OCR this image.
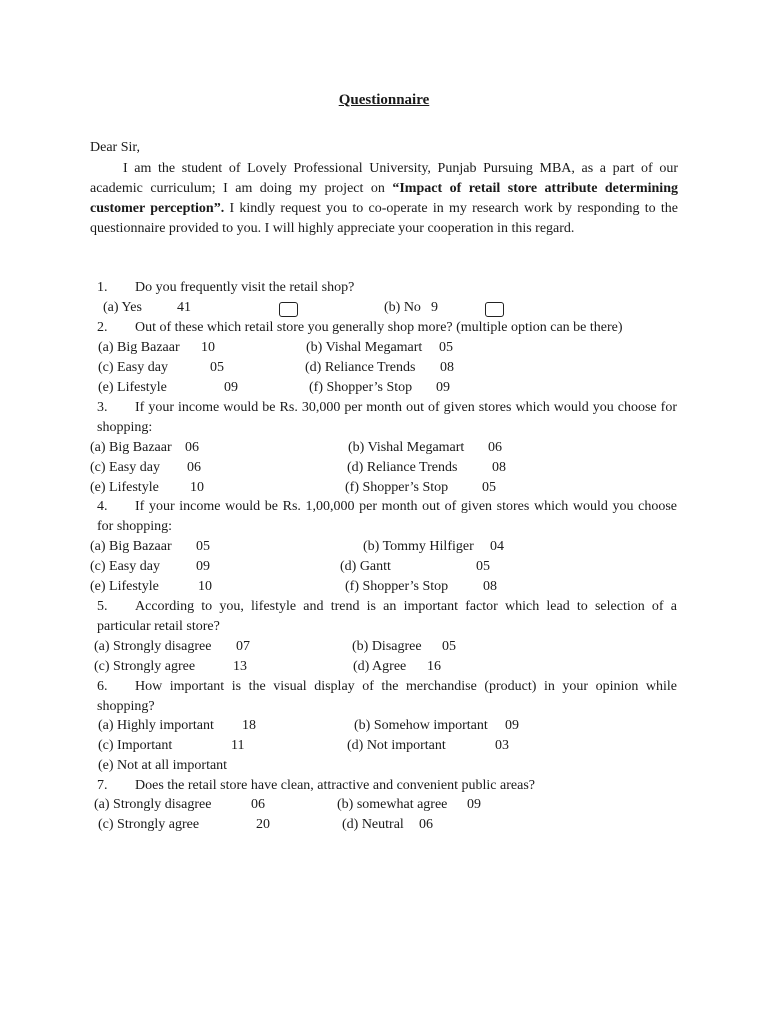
Questionnaire
Dear Sir,

I am the student of Lovely Professional University, Punjab Pursuing MBA, as a part of our academic curriculum; I am doing my project on “Impact of retail store attribute determining customer perception”. I kindly request you to co-operate in my research work by responding to the questionnaire provided to you. I will highly appreciate your cooperation in this regard.

1. Do you frequently visit the retail shop?
(a) Yes	41	(b) No 9
2. Out of these which retail store you generally shop more? (multiple option can be there)
(a) Big Bazaar 10	(b) Vishal Megamart 05
(c) Easy day	05	(d) Reliance Trends 08
(e) Lifestyle	09	(f) Shopper’s Stop 09
3.	If your income would be Rs. 30,000 per month out of given stores which would you choose for shopping:
(a) Big Bazaar 06	(b) Vishal Megamart 06
(c) Easy day 06	(d) Reliance Trends 08
(e) Lifestyle 10	(f) Shopper’s Stop 05
4.	If your income would be Rs. 1,00,000 per month out of given stores which would you choose for shopping:
(a) Big Bazaar 05	(b) Tommy Hilfiger 04
(c) Easy day	09	(d) Gantt	05
(e) Lifestyle	10	(f) Shopper’s Stop 08
5.	According to you, lifestyle and trend is an important factor which lead to selection of a particular retail store?
(a) Strongly disagree 07	(b) Disagree 05
(c) Strongly agree	13	(d) Agree 16
6.	How important is the visual display of the merchandise (product) in your opinion while shopping?
(a) Highly important 18	(b) Somehow important 09
(c) Important	11	(d) Not important	03
(e) Not at all important
7. Does the retail store have clean, attractive and convenient public areas?
(a) Strongly disagree	06	(b) somewhat agree 09
(c) Strongly agree	20	(d) Neutral 06
